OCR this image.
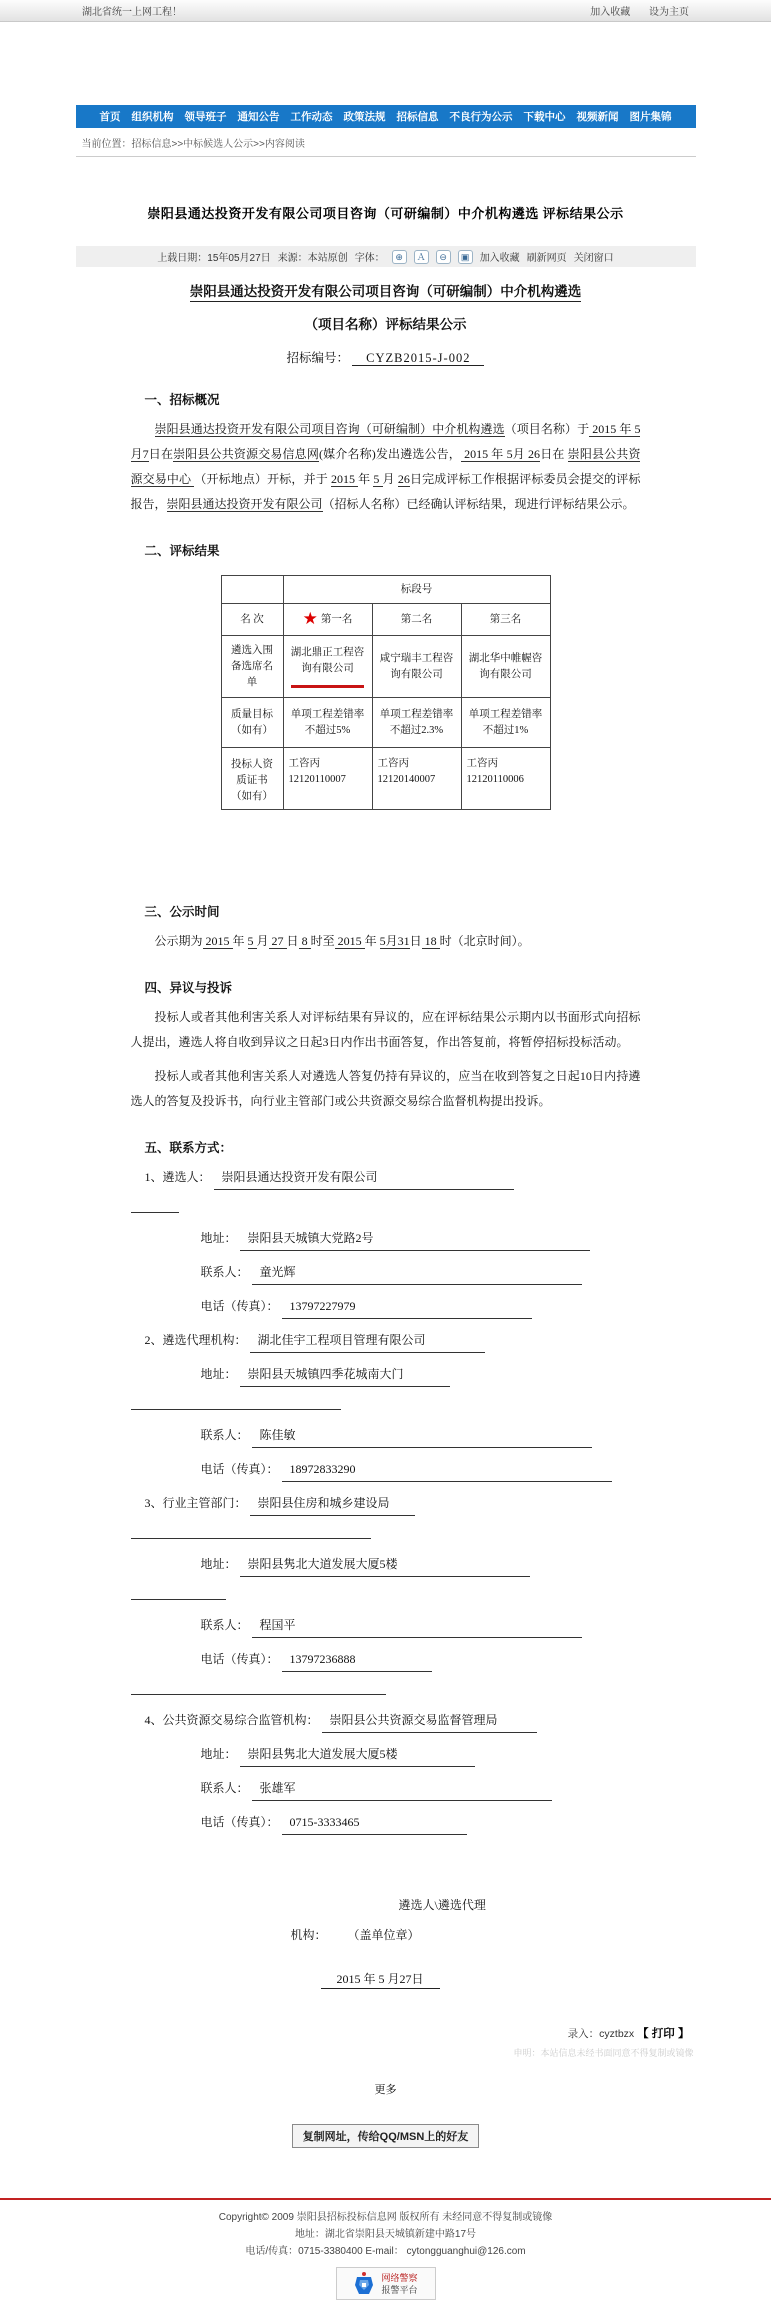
湖北省统一上网工程！	加入收藏 设为主页
首页 组织机构 领导班子 通知公告 工作动态 政策法规 招标信息 不良行为公示 下载中心 视频新闻 图片集锦
当前位置：招标信息>>中标候选人公示>>内容阅读
崇阳县通达投资开发有限公司项目咨询（可研编制）中介机构遴选 评标结果公示
上载日期：15年05月27日 来源：本站原创 字体：	⊕	Ａ	⊖	▣	加入收藏 刷新网页 关闭窗口
崇阳县通达投资开发有限公司项目咨询（可研编制）中介机构遴选
（项目名称）评标结果公示
招标编号： CYZB2015-J-002
一、招标概况
崇阳县通达投资开发有限公司项目咨询（可研编制）中介机构遴选（项目名称）于 2015 年 5 月7日在崇阳县公共资源交易信息网(媒介名称)发出遴选公告， 2015 年 5月 26日在 崇阳县公共资源交易中心 （开标地点）开标，并于 2015 年 5 月 26日完成评标工作根据评标委员会提交的评标报告，崇阳县通达投资开发有限公司（招标人名称）已经确认评标结果，现进行评标结果公示。
二、评标结果
	标段号		
名 次	★ 第一名	第二名	第三名
遴选入围备选席名单	湖北鼎正工程咨询有限公司	咸宁瑞丰工程咨询有限公司	湖北华中帷幄咨询有限公司
质量目标（如有）	单项工程差错率不超过5%	单项工程差错率不超过2.3%	单项工程差错率不超过1%
投标人资质证书（如有）	工咨丙12120110007	工咨丙12120140007	工咨丙12120110006
三、公示时间
公示期为 2015 年 5 月 27 日 8 时至 2015 年 5月31日 18 时（北京时间）。
四、异议与投诉
投标人或者其他利害关系人对评标结果有异议的，应在评标结果公示期内以书面形式向招标人提出，遴选人将自收到异议之日起3日内作出书面答复，作出答复前，将暂停招标投标活动。
投标人或者其他利害关系人对遴选人答复仍持有异议的，应当在收到答复之日起10日内持遴选人的答复及投诉书，向行业主管部门或公共资源交易综合监督机构提出投诉。
五、联系方式：
1、遴选人： 崇阳县通达投资开发有限公司
地址： 崇阳县天城镇大党路2号
联系人： 童光辉
电话（传真）： 13797227979
2、遴选代理机构： 湖北佳宇工程项目管理有限公司
地址： 崇阳县天城镇四季花城南大门
联系人： 陈佳敏
电话（传真）： 18972833290
3、行业主管部门： 崇阳县住房和城乡建设局
地址： 崇阳县隽北大道发展大厦5楼
联系人： 程国平
电话（传真）： 13797236888
4、公共资源交易综合监管机构： 崇阳县公共资源交易监督管理局
地址： 崇阳县隽北大道发展大厦5楼
联系人： 张雄军
电话（传真）： 0715-3333465
遴选人\遴选代理
机构： （盖单位章）
2015 年 5 月27日
录入：cyztbzx 【 打印 】
申明：本站信息未经书面同意不得复制或镜像
更多
复制网址，传给QQ/MSN上的好友
Copyright© 2009 崇阳县招标投标信息网 版权所有 未经同意不得复制或镜像
地址：湖北省崇阳县天城镇新建中路17号
电话/传真：0715-3380400 E-mail： cytongguanghui@126.com
网络警察
报警平台
